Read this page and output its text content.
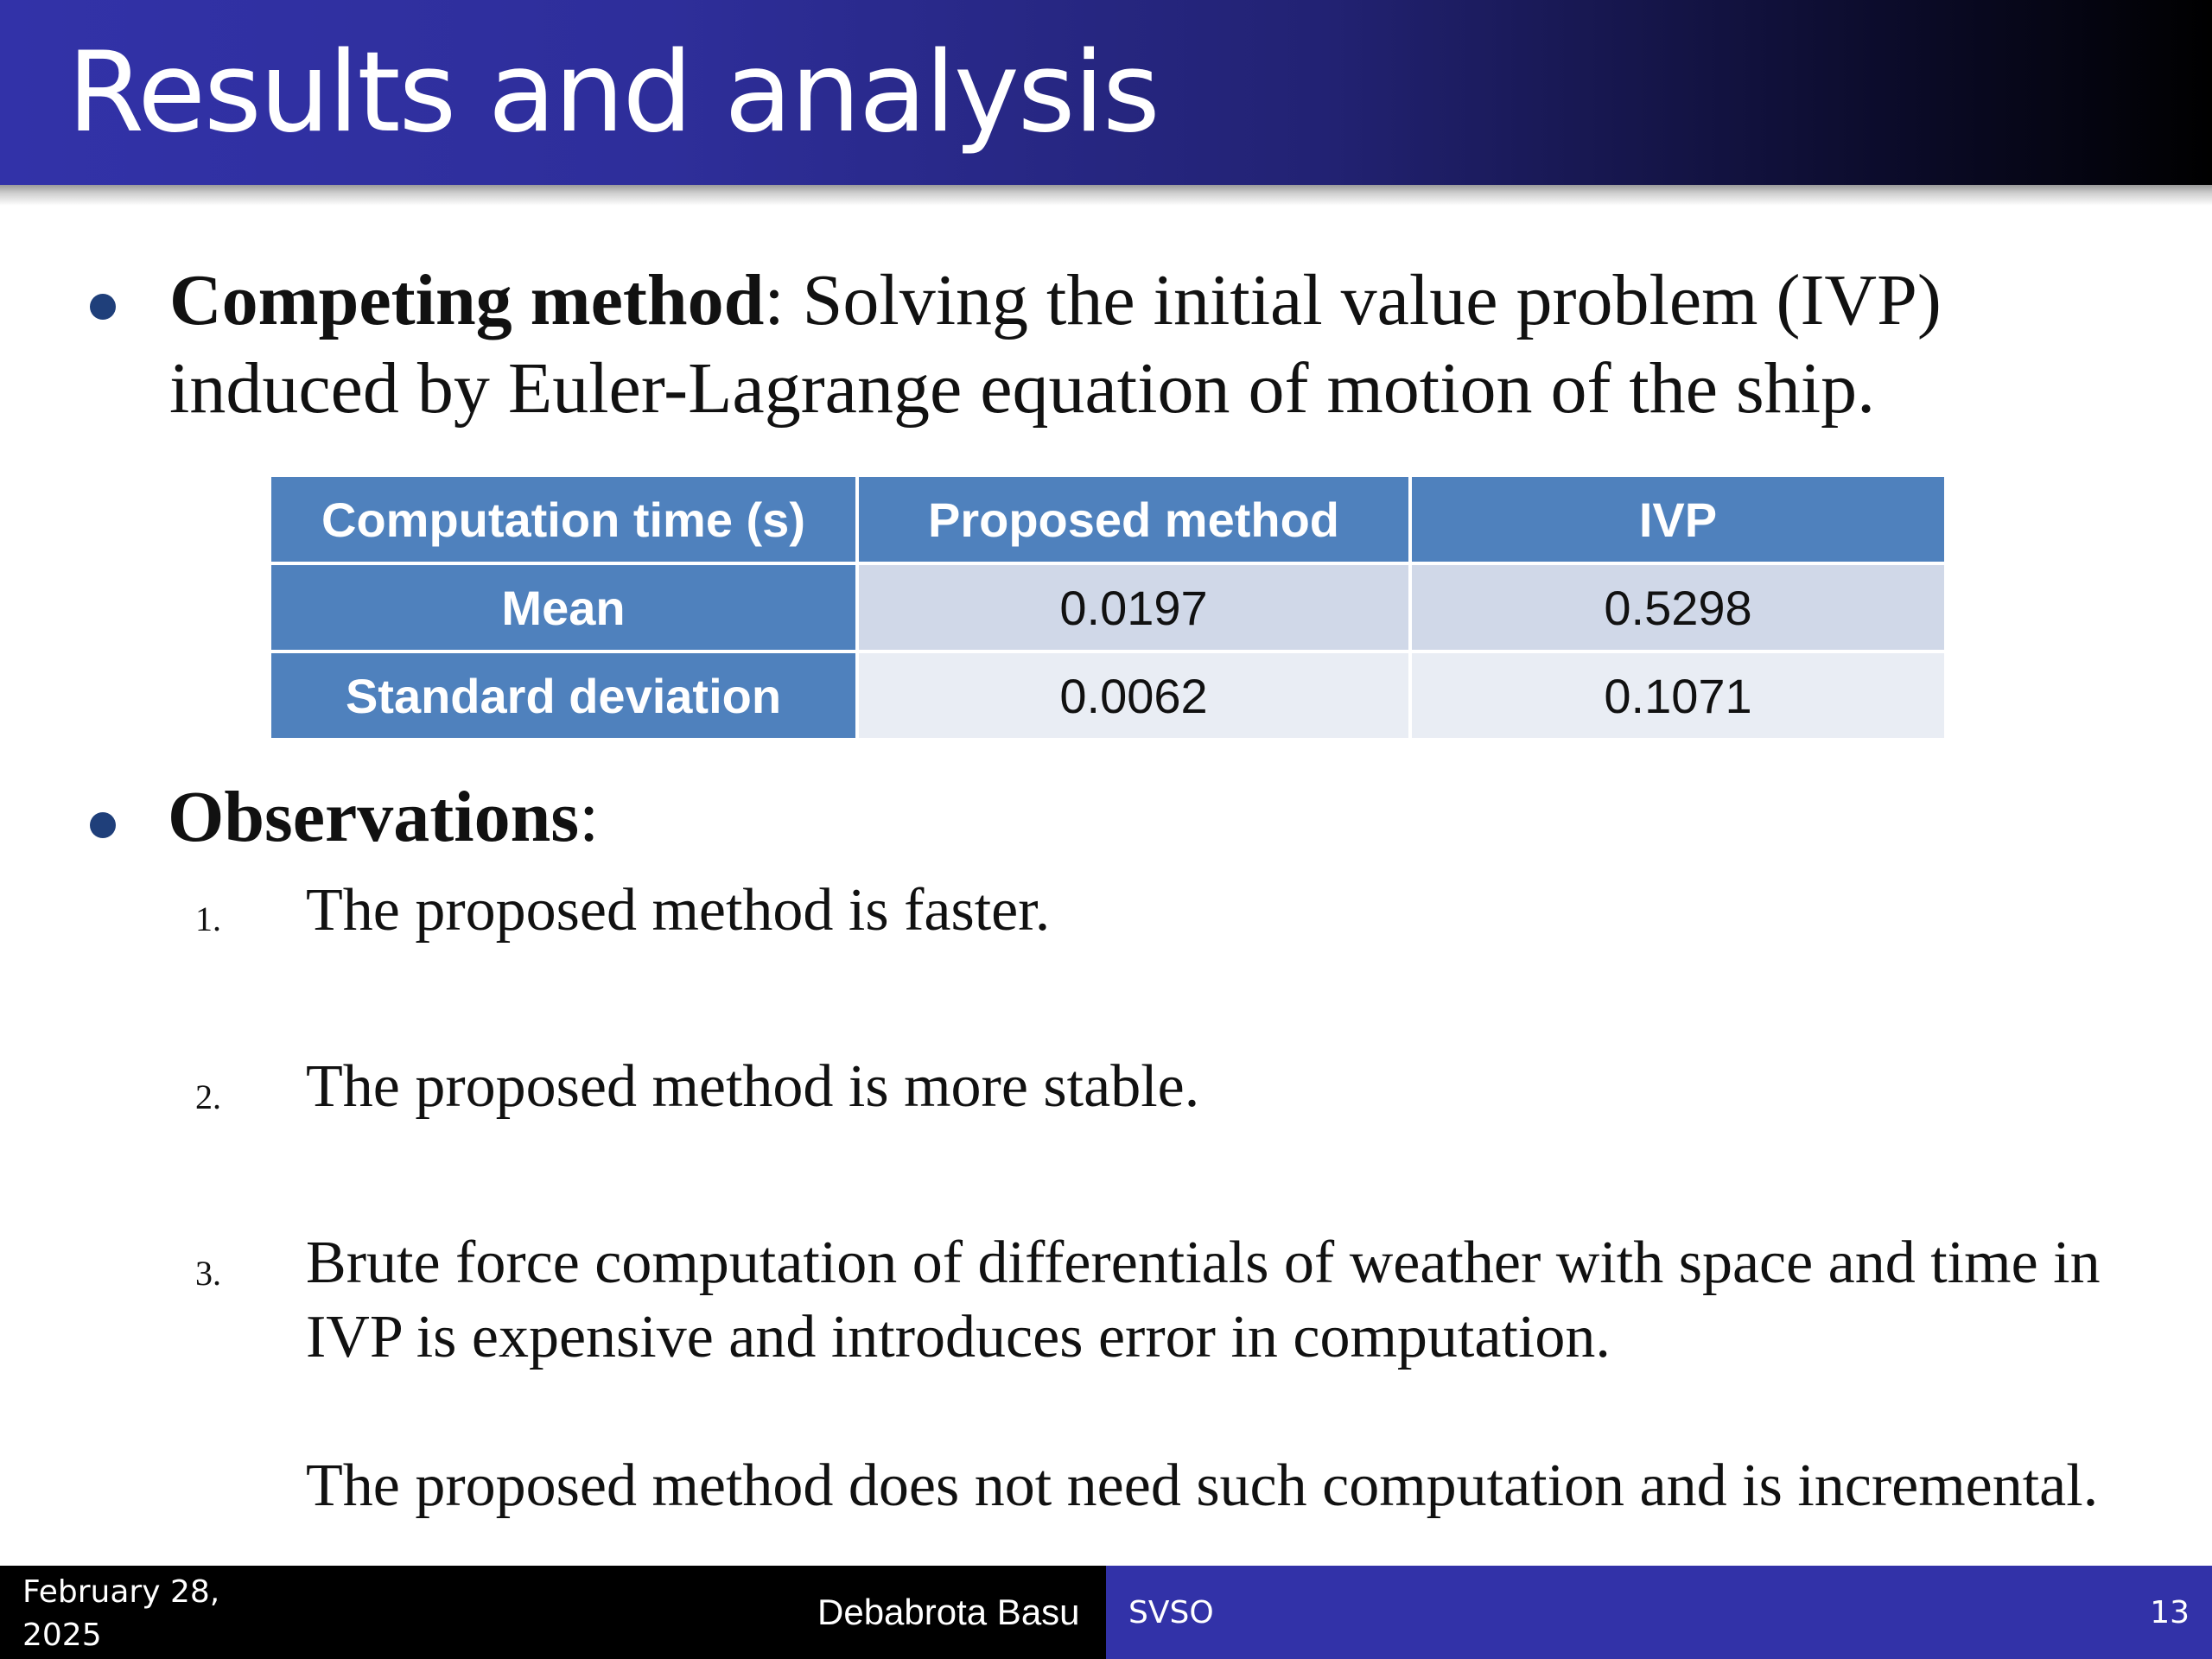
Results and analysis
Competing method: Solving the initial value problem (IVP)
induced by Euler-Lagrange equation of motion of the ship.
Computation time (s)	Proposed method	IVP
Mean	0.0197	0.5298
Standard deviation	0.0062	0.1071
Observations:
1. The proposed method is faster.
2. The proposed method is more stable.
3. Brute force computation of differentials of weather with space and time in
IVP is expensive and introduces error in computation.
The proposed method does not need such computation and is incremental.
February 28,
2025
Debabrota Basu SVSO	13
